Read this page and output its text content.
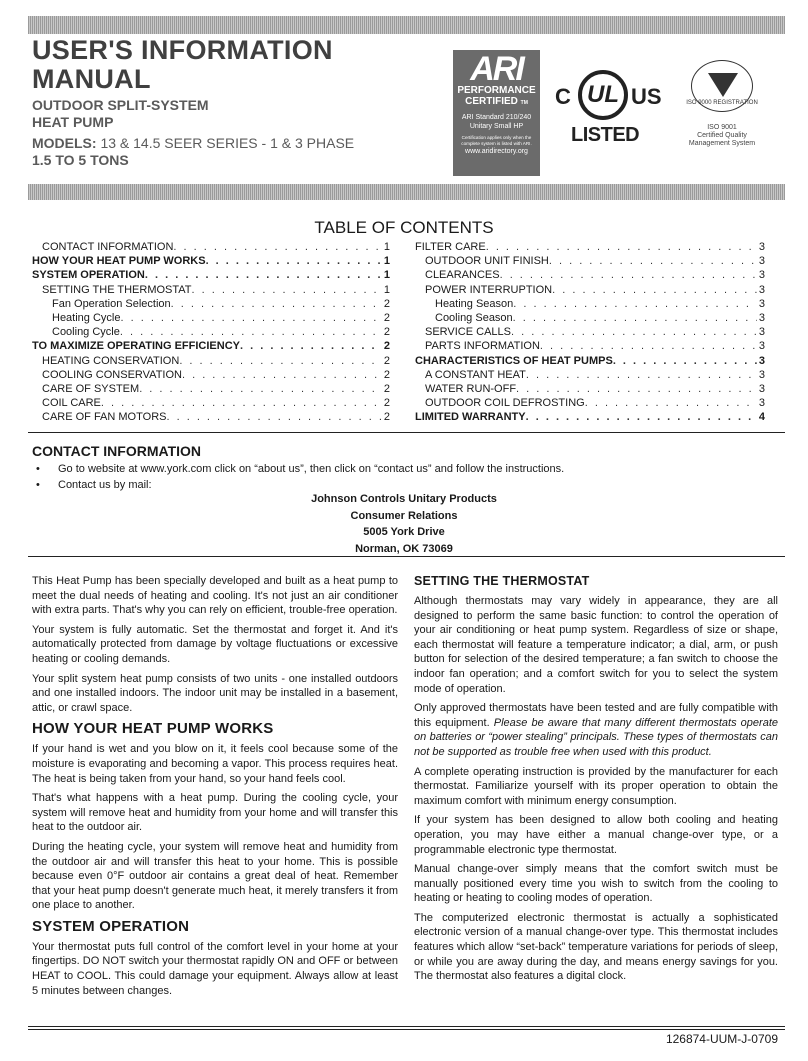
USER'S INFORMATION
MANUAL
OUTDOOR SPLIT-SYSTEM
HEAT PUMP
MODELS: 13 & 14.5 SEER SERIES - 1 & 3 PHASE
1.5 TO 5 TONS
ARI
PERFORMANCE
CERTIFIED TM
ARI Standard 210/240
Unitary Small HP
Certification applies only when the complete system is listed with ARI.
www.aridirectory.org
C UL US
LISTED
ISO 9000 REGISTRATION
ISO 9001
Certified Quality
Management System
TABLE OF CONTENTS
CONTACT INFORMATION . . .	1
HOW YOUR HEAT PUMP WORKS . . .	1
SYSTEM OPERATION . . .	1
SETTING THE THERMOSTAT . . .	1
Fan Operation Selection . . .	2
Heating Cycle . . .	2
Cooling Cycle . . .	2
TO MAXIMIZE OPERATING EFFICIENCY . . .	2
HEATING CONSERVATION . . .	2
COOLING CONSERVATION . . .	2
CARE OF SYSTEM . . .	2
COIL CARE . . .	2
CARE OF FAN MOTORS . . .	2
FILTER CARE . . .	3
OUTDOOR UNIT FINISH . . .	3
CLEARANCES . . .	3
POWER INTERRUPTION . . .	3
Heating Season . . .	3
Cooling Season . . .	3
SERVICE CALLS . . .	3
PARTS INFORMATION . . .	3
CHARACTERISTICS OF HEAT PUMPS . . .	3
A CONSTANT HEAT . . .	3
WATER RUN-OFF . . .	3
OUTDOOR COIL DEFROSTING . . .	3
LIMITED WARRANTY . . .	4
CONTACT INFORMATION
• Go to website at www.york.com click on “about us”, then click on “contact us” and follow the instructions.
• Contact us by mail:
Johnson Controls Unitary Products
Consumer Relations
5005 York Drive
Norman, OK 73069

This Heat Pump has been specially developed and built as a heat pump to meet the dual needs of heating and cooling. It's not just an air conditioner with extra parts. That's why you can rely on efficient, trouble-free operation.

Your system is fully automatic. Set the thermostat and forget it. And it's automatically protected from damage by voltage fluctuations or excessive heating or cooling demands.

Your split system heat pump consists of two units - one installed outdoors and one installed indoors. The indoor unit may be installed in a basement, attic, or crawl space.

HOW YOUR HEAT PUMP WORKS

If your hand is wet and you blow on it, it feels cool because some of the moisture is evaporating and becoming a vapor. This process requires heat. The heat is being taken from your hand, so your hand feels cool.

That's what happens with a heat pump. During the cooling cycle, your system will remove heat and humidity from your home and will transfer this heat to the outdoor air.

During the heating cycle, your system will remove heat and humidity from the outdoor air and will transfer this heat to your home. This is possible because even 0°F outdoor air contains a great deal of heat. Remember that your heat pump doesn't generate much heat, it merely transfers it from one place to another.

SYSTEM OPERATION

Your thermostat puts full control of the comfort level in your home at your fingertips. DO NOT switch your thermostat rapidly ON and OFF or between HEAT to COOL. This could damage your equipment. Always allow at least 5 minutes between changes.

SETTING THE THERMOSTAT

Although thermostats may vary widely in appearance, they are all designed to perform the same basic function: to control the operation of your air conditioning or heat pump system. Regardless of size or shape, each thermostat will feature a temperature indicator; a dial, arm, or push button for selection of the desired temperature; a fan switch to choose the indoor fan operation; and a comfort switch for you to select the system mode of operation.

Only approved thermostats have been tested and are fully compatible with this equipment. Please be aware that many different thermostats operate on batteries or “power stealing” principals. These types of thermostats can not be supported as trouble free when used with this product.

A complete operating instruction is provided by the manufacturer for each thermostat. Familiarize yourself with its proper operation to obtain the maximum comfort with minimum energy consumption.

If your system has been designed to allow both cooling and heating operation, you may have either a manual change-over type, or a programmable electronic type thermostat.

Manual change-over simply means that the comfort switch must be manually positioned every time you wish to switch from the cooling to heating or heating to cooling modes of operation.

The computerized electronic thermostat is actually a sophisticated electronic version of a manual change-over type. This thermostat includes features which allow “set-back” temperature variations for periods of sleep, or while you are away during the day, and means energy savings for you. The thermostat also features a digital clock.

126874-UUM-J-0709
